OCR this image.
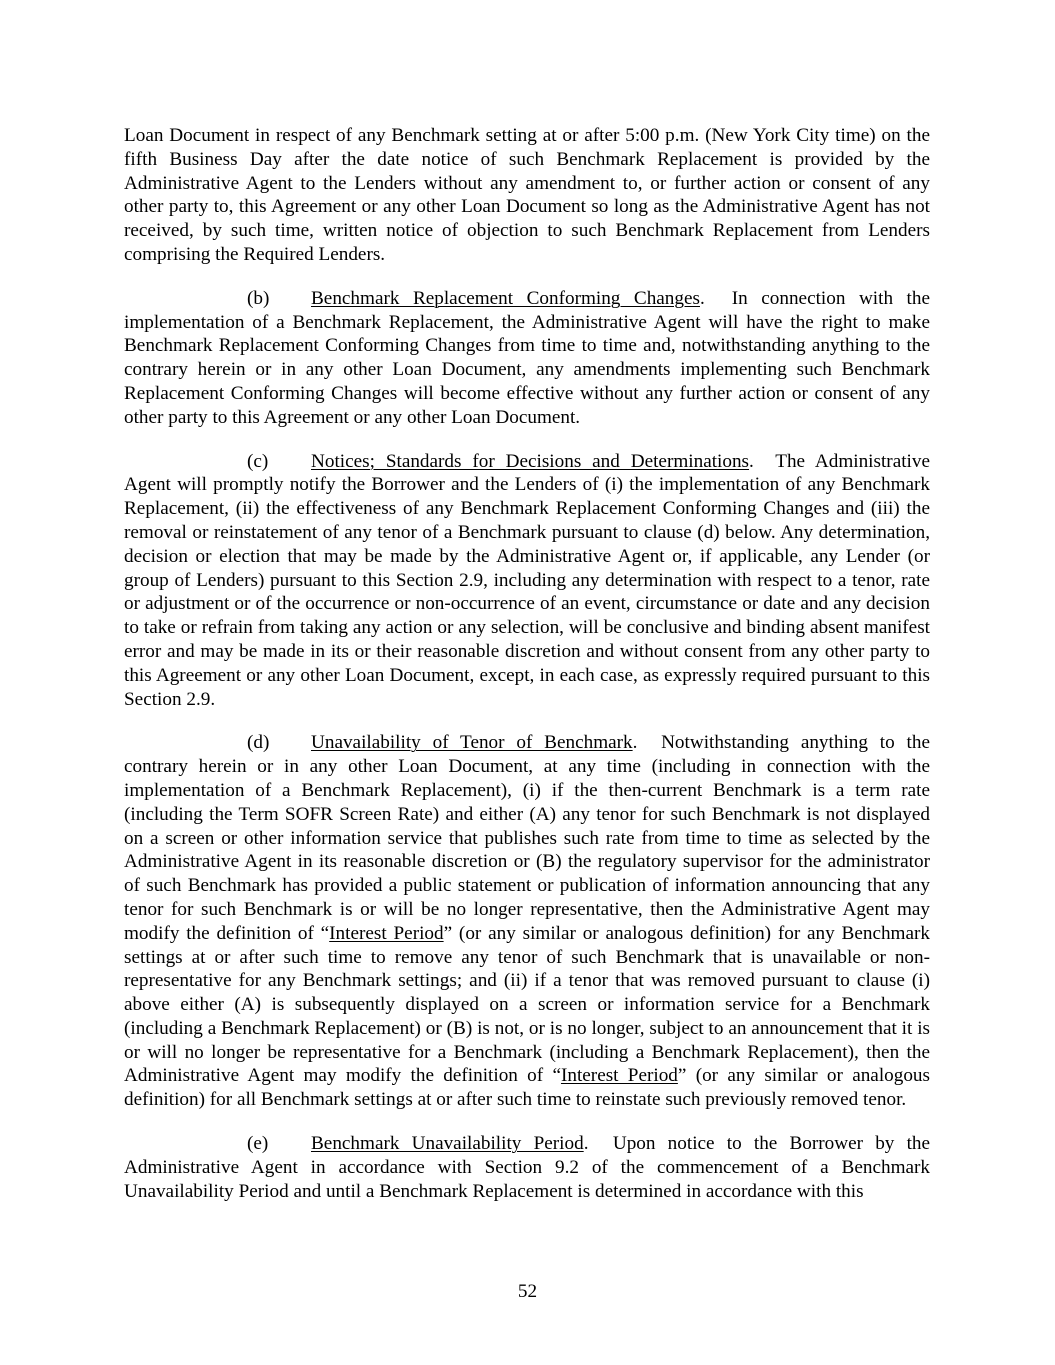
Loan Document in respect of any Benchmark setting at or after 5:00 p.m. (New York City time) on the fifth Business Day after the date notice of such Benchmark Replacement is provided by the Administrative Agent to the Lenders without any amendment to, or further action or consent of any other party to, this Agreement or any other Loan Document so long as the Administrative Agent has not received, by such time, written notice of objection to such Benchmark Replacement from Lenders comprising the Required Lenders.

(b) Benchmark Replacement Conforming Changes.  In connection with the implementation of a Benchmark Replacement, the Administrative Agent will have the right to make Benchmark Replacement Conforming Changes from time to time and, notwithstanding anything to the contrary herein or in any other Loan Document, any amendments implementing such Benchmark Replacement Conforming Changes will become effective without any further action or consent of any other party to this Agreement or any other Loan Document.

(c) Notices; Standards for Decisions and Determinations.  The Administrative Agent will promptly notify the Borrower and the Lenders of (i) the implementation of any Benchmark Replacement, (ii) the effectiveness of any Benchmark Replacement Conforming Changes and (iii) the removal or reinstatement of any tenor of a Benchmark pursuant to clause (d) below. Any determination, decision or election that may be made by the Administrative Agent or, if applicable, any Lender (or group of Lenders) pursuant to this Section 2.9, including any determination with respect to a tenor, rate or adjustment or of the occurrence or non-occurrence of an event, circumstance or date and any decision to take or refrain from taking any action or any selection, will be conclusive and binding absent manifest error and may be made in its or their reasonable discretion and without consent from any other party to this Agreement or any other Loan Document, except, in each case, as expressly required pursuant to this Section 2.9.

(d) Unavailability of Tenor of Benchmark.  Notwithstanding anything to the contrary herein or in any other Loan Document, at any time (including in connection with the implementation of a Benchmark Replacement), (i) if the then-current Benchmark is a term rate (including the Term SOFR Screen Rate) and either (A) any tenor for such Benchmark is not displayed on a screen or other information service that publishes such rate from time to time as selected by the Administrative Agent in its reasonable discretion or (B) the regulatory supervisor for the administrator of such Benchmark has provided a public statement or publication of information announcing that any tenor for such Benchmark is or will be no longer representative, then the Administrative Agent may modify the definition of “Interest Period” (or any similar or analogous definition) for any Benchmark settings at or after such time to remove any tenor of such Benchmark that is unavailable or non-representative for any Benchmark settings; and (ii) if a tenor that was removed pursuant to clause (i) above either (A) is subsequently displayed on a screen or information service for a Benchmark (including a Benchmark Replacement) or (B) is not, or is no longer, subject to an announcement that it is or will no longer be representative for a Benchmark (including a Benchmark Replacement), then the Administrative Agent may modify the definition of “Interest Period” (or any similar or analogous definition) for all Benchmark settings at or after such time to reinstate such previously removed tenor.

(e) Benchmark Unavailability Period.  Upon notice to the Borrower by the Administrative Agent in accordance with Section 9.2 of the commencement of a Benchmark Unavailability Period and until a Benchmark Replacement is determined in accordance with this

52
